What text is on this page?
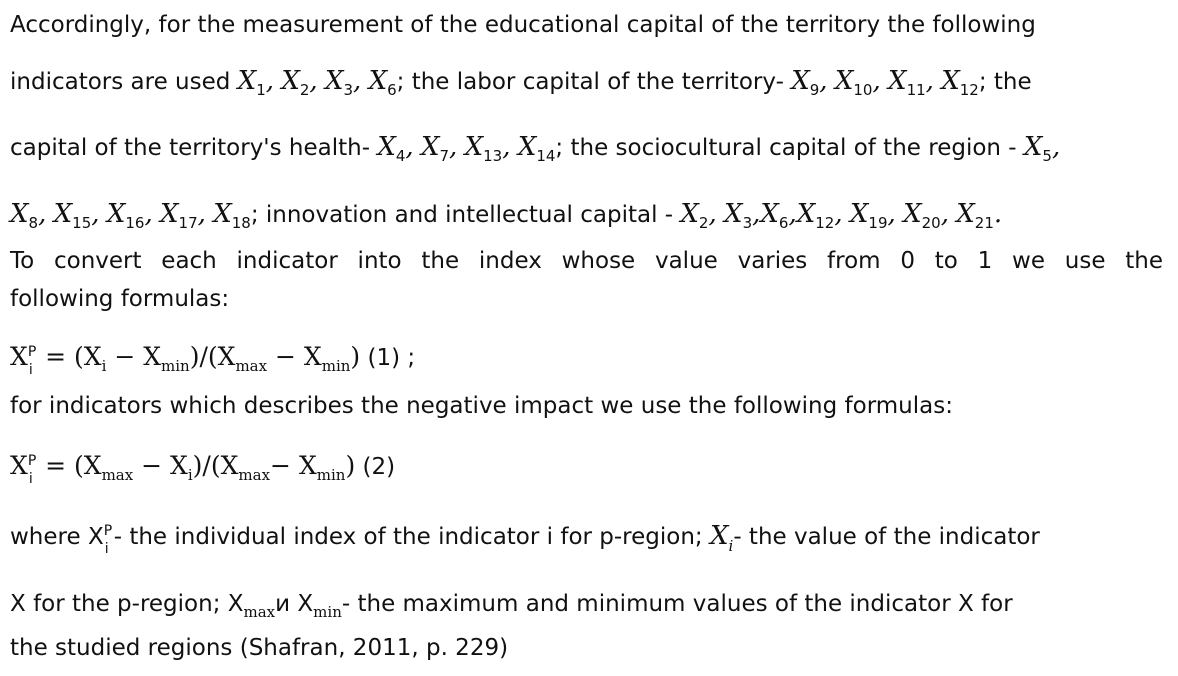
Accordingly, for the measurement of the educational capital of the territory the following
indicators are used $X_1$, $X_2$, $X_3$, $X_6$; the labor capital of the territory- $X_9$, $X_{10}$, $X_{11}$, $X_{12}$; the
capital of the territory's health- $X_4$, $X_7$, $X_{13}$, $X_{14}$; the sociocultural capital of the region - $X_5$,
$X_8$, $X_{15}$, $X_{16}$, $X_{17}$, $X_{18}$; innovation and intellectual capital - $X_2$, $X_3,X_6,X_{12}$, $X_{19}$, $X_{20}$, $X_{21}$.
To convert each indicator into the index whose value varies from 0 to 1 we use the
following formulas:
X P
$i = (X_i - X_{min})/(X_{max} - X_{min})$ (1) ;
for indicators which describes the negative impact we use the following formulas:
X P
$i = (X_{max} - X_i)/(X_{max}- X_{min})$ (2)
where X P
i - the individual index of the indicator i for p-region; $X_i-$ the value of the indicator
X for the p-region; $X_{max}и$ $X_{min}-$ the maximum and minimum values of the indicator X for
the studied regions (Shafran, 2011, p. 229)
